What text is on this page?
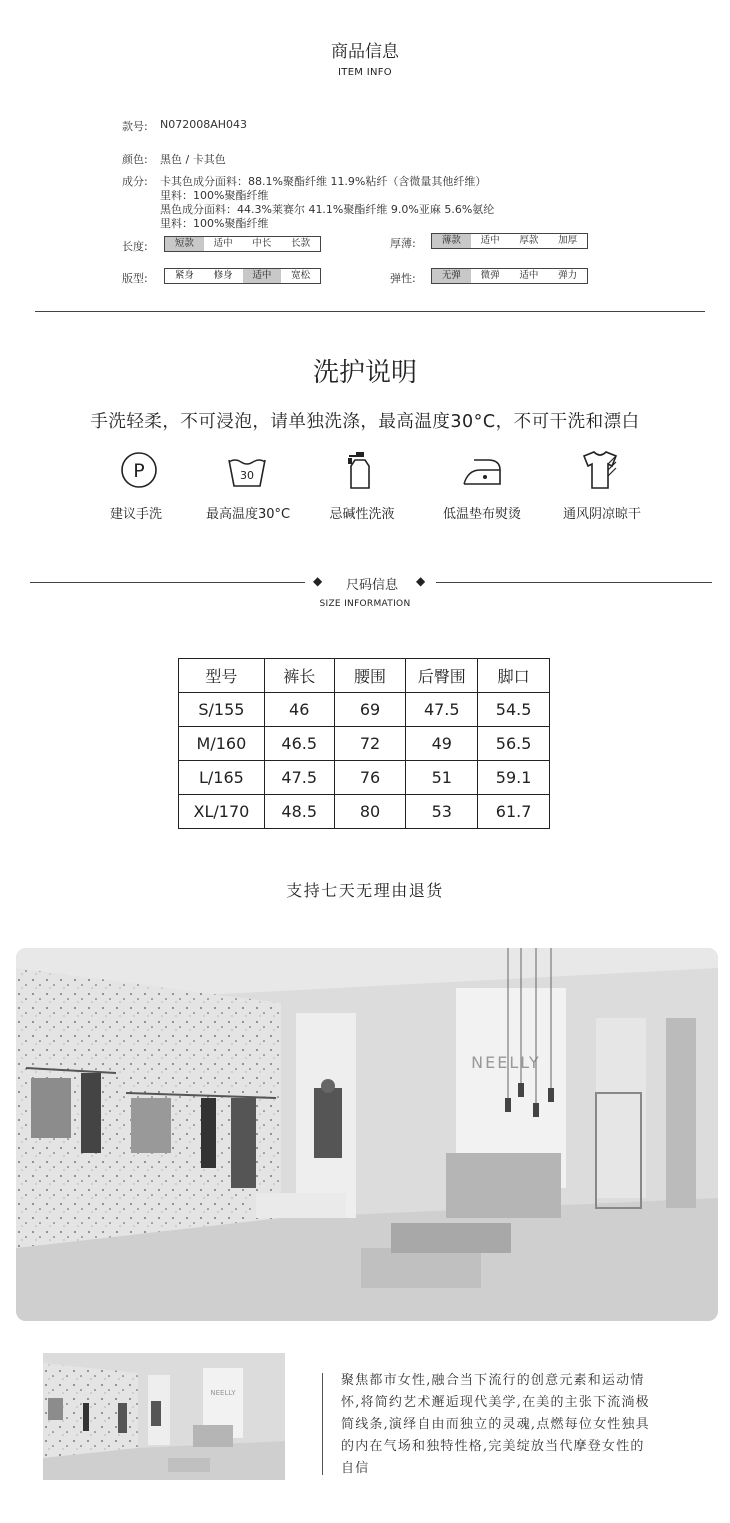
商品信息
ITEM INFO
款号: N072008AH043
颜色: 黑色 / 卡其色
成分: 卡其色成分面料：88.1%聚酯纤维 11.9%粘纤（含微量其他纤维）
里料：100%聚酯纤维
黑色成分面料：44.3%莱赛尔 41.1%聚酯纤维 9.0%亚麻 5.6%氨纶
里料：100%聚酯纤维
长度:	短款	适中	中长	长款	厚薄:	薄款	适中	厚款	加厚
版型:	紧身	修身	适中	宽松	弹性:	无弹	微弹	适中	弹力
洗护说明
手洗轻柔，不可浸泡，请单独洗涤，最高温度30°C，不可干洗和漂白
P	30
建议手洗	最高温度30°C	忌碱性洗液	低温垫布熨烫	通风阴凉晾干
◆	尺码信息	◆
SIZE INFORMATION
型号	裤长	腰围	后臀围	脚口
S/155	46	69	47.5	54.5
M/160	46.5	72	49	56.5
L/165	47.5	76	51	59.1
XL/170	48.5	80	53	61.7
支持七天无理由退货
NEELLY
NEELLY
聚焦都市女性,融合当下流行的创意元素和运动情
怀,将简约艺术邂逅现代美学,在美的主张下流淌极
简线条,演绎自由而独立的灵魂,点燃每位女性独具
的内在气场和独特性格,完美绽放当代摩登女性的
自信
